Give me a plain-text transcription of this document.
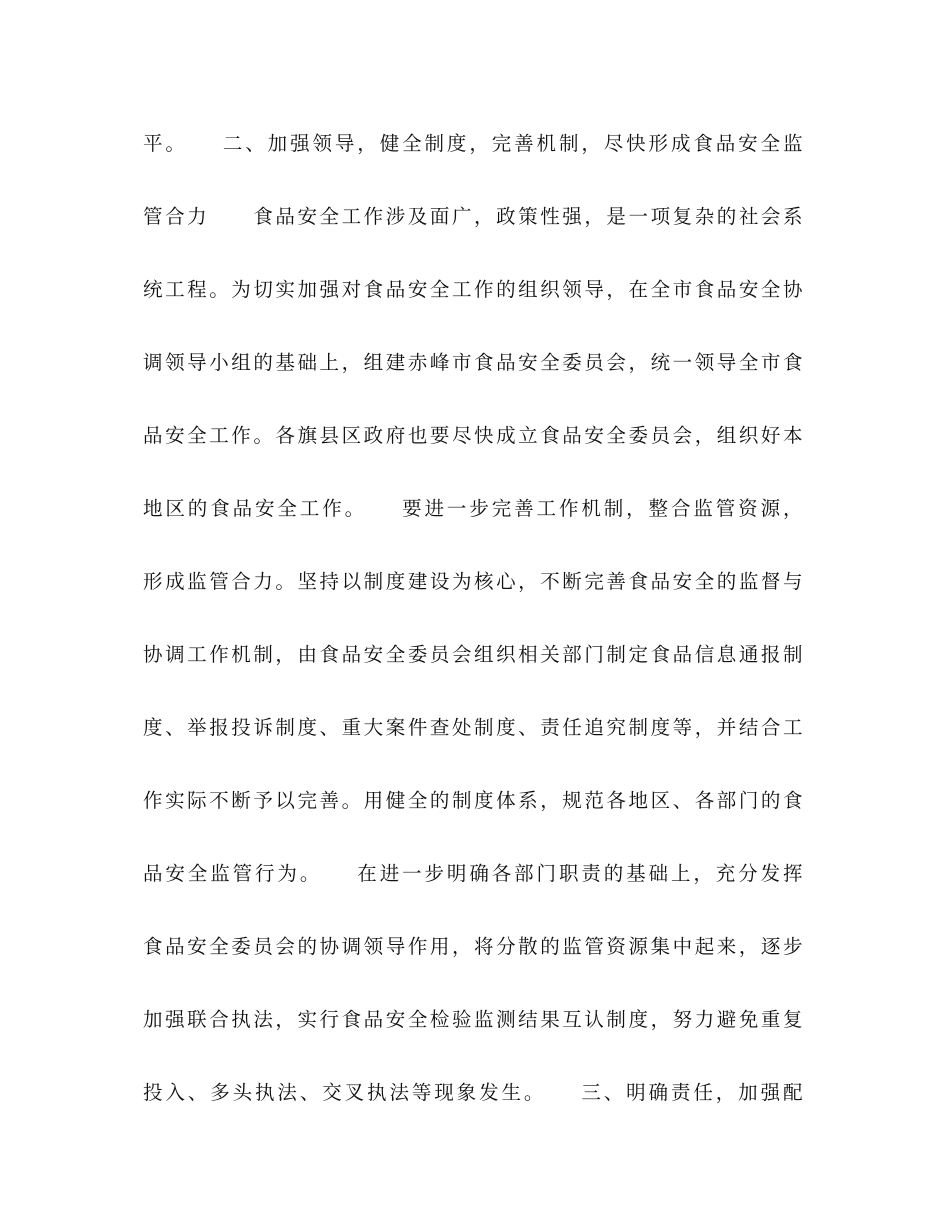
平。　　二、加强领导，健全制度，完善机制，尽快形成食品安全监
管合力　　食品安全工作涉及面广，政策性强，是一项复杂的社会系
统工程。为切实加强对食品安全工作的组织领导，在全市食品安全协
调领导小组的基础上，组建赤峰市食品安全委员会，统一领导全市食
品安全工作。各旗县区政府也要尽快成立食品安全委员会，组织好本
地区的食品安全工作。　　要进一步完善工作机制，整合监管资源，
形成监管合力。坚持以制度建设为核心，不断完善食品安全的监督与
协调工作机制，由食品安全委员会组织相关部门制定食品信息通报制
度、举报投诉制度、重大案件查处制度、责任追究制度等，并结合工
作实际不断予以完善。用健全的制度体系，规范各地区、各部门的食
品安全监管行为。　　在进一步明确各部门职责的基础上，充分发挥
食品安全委员会的协调领导作用，将分散的监管资源集中起来，逐步
加强联合执法，实行食品安全检验监测结果互认制度，努力避免重复
投入、多头执法、交叉执法等现象发生。　　三、明确责任，加强配
